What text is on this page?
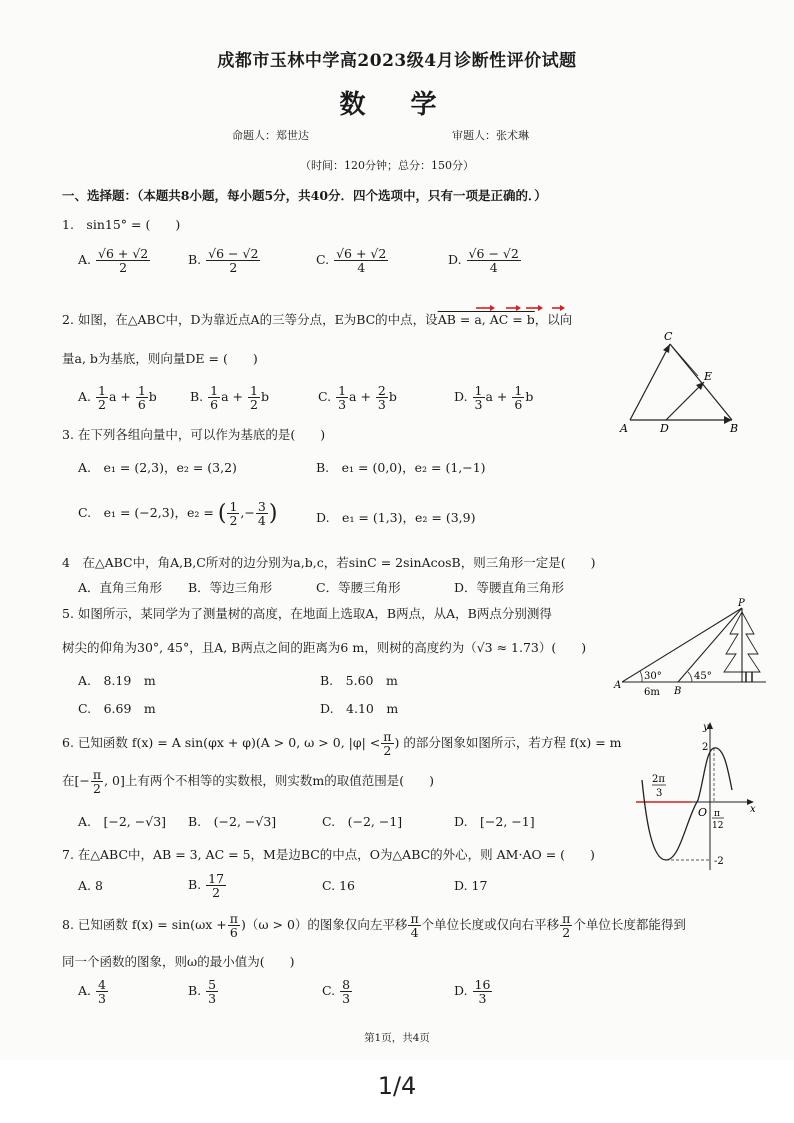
成都市玉林中学高2023级4月诊断性评价试题
数 学
命题人：郑世达	审题人：张术琳
（时间：120分钟；总分：150分）
一、选择题：（本题共8小题，每小题5分，共40分．四个选项中，只有一项是正确的．）
1.　sin15° = (　　)
A. $\frac{√6 + √2}{2}$	B. $\frac{√6 - √2}{2}$	C. $\frac{√6 + √2}{4}$	D. $\frac{√6 - √2}{4}$
2. 如图，在△ABC中，D为靠近点A的三等分点，E为BC的中点，设AB = a, AC = b，以向
量a, b为基底，则向量DE = (　　)
A. $\frac{1}{2}$ $a + \frac{1}{6}$ b	B. $\frac{1}{6}$ $a + \frac{1}{2}$ b	C. $\frac{1}{3}$ $a + \frac{2}{3}$ b	D. $\frac{1}{3}$ $a + \frac{1}{6}$ b
C
E
A	D	B
3. 在下列各组向量中，可以作为基底的是(　　)
A.　e₁ = (2,3)，e₂ = (3,2)	B.　e₁ = (0,0)，e₂ = (1,−1)
C.　e₁ = (−2,3)，e₂ = ( $\frac{1}{2}$ ,− $\frac{3}{4}$ )	D.　e₁ = (1,3)，e₂ = (3,9)
4　在△ABC中，角A,B,C所对的边分别为a,b,c，若sinC = 2sinAcosB，则三角形一定是(　　)
A．直角三角形 B．等边三角形	C．等腰三角形	D．等腰直角三角形
5. 如图所示，某同学为了测量树的高度，在地面上选取A，B两点，从A，B两点分别测得
树尖的仰角为30°, 45°，且A, B两点之间的距离为6 m，则树的高度约为（√3 ≈ 1.73）(　　)
A.　8.19　m	B.　5.60　m
C.　6.69　m	D.　4.10　m
P
A
B
30°	45°
6m
6. 已知函数 f(x) = A sin(φx + φ)(A > 0, ω > 0, $|\varphi| < \frac{\pi}{2}$ ) 的部分图象如图所示，若方程 f(x) = m
在[− $\frac{\pi}{2}$ , 0]上有两个不相等的实数根，则实数m的取值范围是(　　)
A.　[−2, −√3] B.　(−2, −√3]	C.　(−2, −1]	D.　[−2, −1]
y
x
O
2
-2
2π
3
π
12
7. 在△ABC中，AB = 3, AC = 5，M是边BC的中点，O为△ABC的外心，则 AM·AO = (　　)
A. 8	B. $\frac{17}{2}$	C. 16	D. 17
8. 已知函数 $f(x) = \sin(\omega x + \frac{\pi}{6} )(\omega > 0)$的图象仅向左平移 $\frac{\pi}{4}$ 个单位长度或仅向右平移 $\frac{\pi}{2}$ 个单位长度都能得到
同一个函数的图象，则ω的最小值为(　　)
A. $\frac{4}{3}$	B. $\frac{5}{3}$	C. $\frac{8}{3}$	D. $\frac{16}{3}$
第1页，共4页
1/4
